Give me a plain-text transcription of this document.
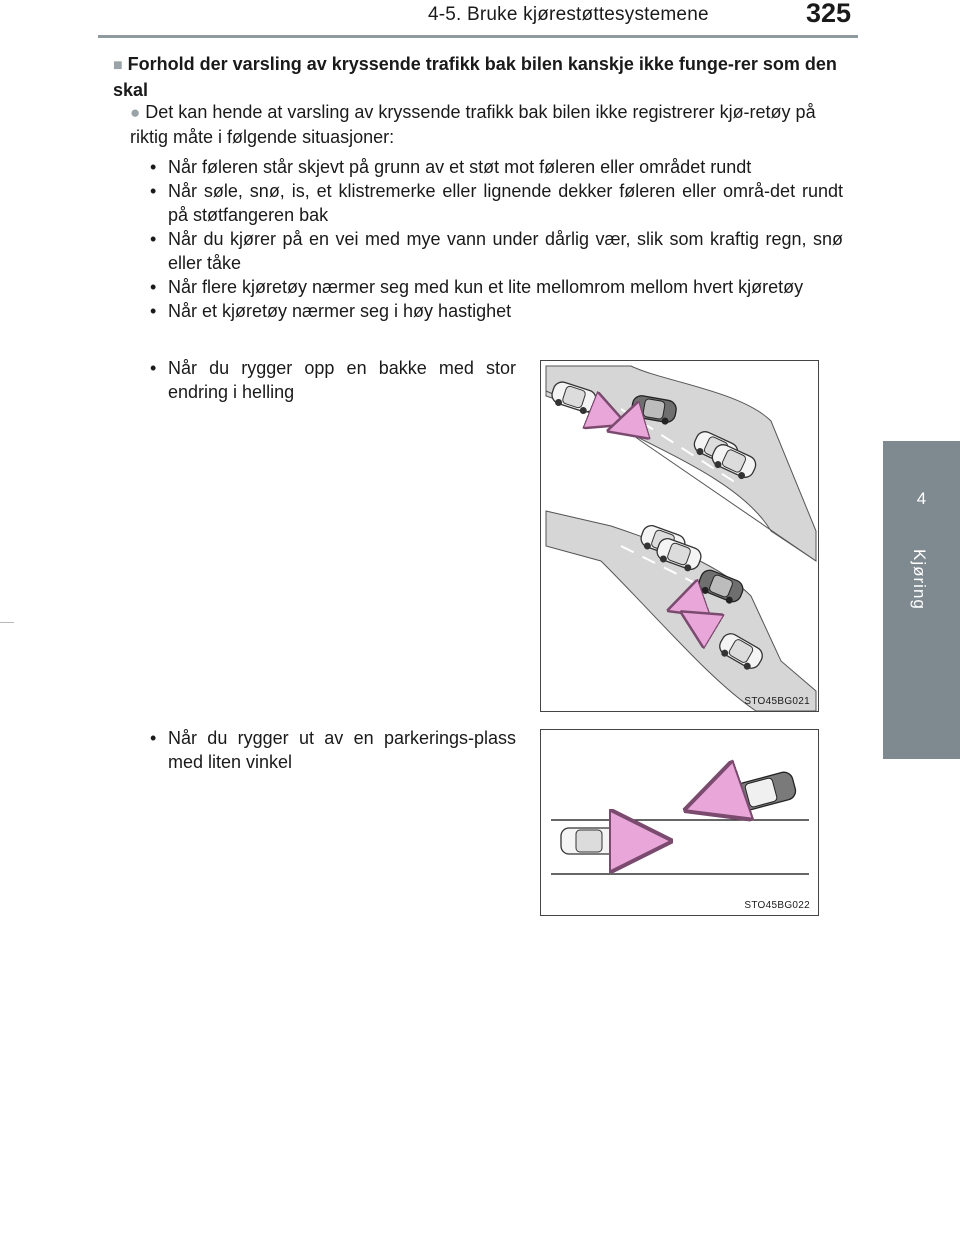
4-5. Bruke kjørestøttesystemene	325
4
Kjøring
■ Forhold der varsling av kryssende trafikk bak bilen kanskje ikke funge-rer som den skal
● Det kan hende at varsling av kryssende trafikk bak bilen ikke registrerer kjø-retøy på riktig måte i følgende situasjoner:
• Når føleren står skjevt på grunn av et støt mot føleren eller området rundt
• Når søle, snø, is, et klistremerke eller lignende dekker føleren eller områ-det rundt på støtfangeren bak
• Når du kjører på en vei med mye vann under dårlig vær, slik som kraftig regn, snø eller tåke
• Når flere kjøretøy nærmer seg med kun et lite mellomrom mellom hvert kjøretøy
• Når et kjøretøy nærmer seg i høy hastighet
• Når du rygger opp en bakke med stor endring i helling
• Når du rygger ut av en parkerings-plass med liten vinkel
STO45BG021
STO45BG022
